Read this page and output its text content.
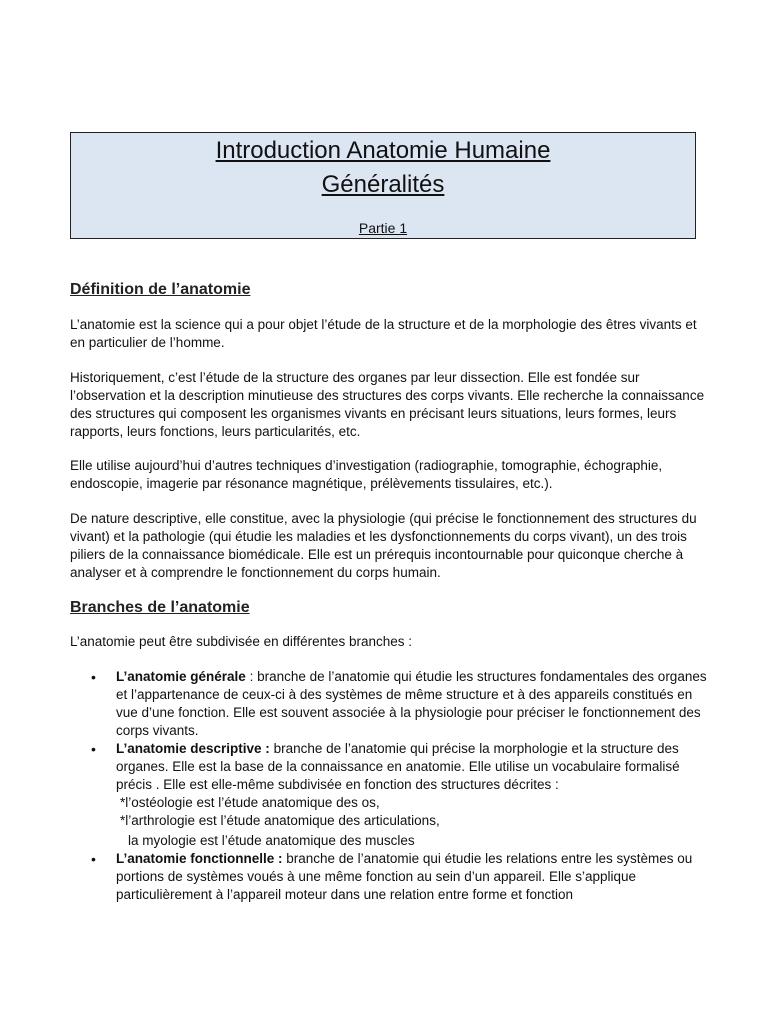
Introduction Anatomie Humaine
Généralités
Partie 1
Définition de l’anatomie

L’anatomie est la science qui a pour objet l’étude de la structure et de la morphologie des êtres vivants et en particulier de l’homme.

Historiquement, c’est l’étude de la structure des organes par leur dissection. Elle est fondée sur l’observation et la description minutieuse des structures des corps vivants. Elle recherche la connaissance des structures qui composent les organismes vivants en précisant leurs situations, leurs formes, leurs rapports, leurs fonctions, leurs particularités, etc.

Elle utilise aujourd’hui d’autres techniques d’investigation (radiographie, tomographie, échographie, endoscopie, imagerie par résonance magnétique, prélèvements tissulaires, etc.).

De nature descriptive, elle constitue, avec la physiologie (qui précise le fonctionnement des structures du vivant) et la pathologie (qui étudie les maladies et les dysfonctionnements du corps vivant), un des trois piliers de la connaissance biomédicale. Elle est un prérequis incontournable pour quiconque cherche à analyser et à comprendre le fonctionnement du corps humain.

Branches de l’anatomie

L’anatomie peut être subdivisée en différentes branches :

• L’anatomie générale : branche de l’anatomie qui étudie les structures fondamentales des organes et l’appartenance de ceux-ci à des systèmes de même structure et à des appareils constitués en vue d’une fonction. Elle est souvent associée à la physiologie pour préciser le fonctionnement des corps vivants.
• L’anatomie descriptive : branche de l’anatomie qui précise la morphologie et la structure des organes. Elle est la base de la connaissance en anatomie. Elle utilise un vocabulaire formalisé précis . Elle est elle-même subdivisée en fonction des structures décrites :
*l’ostéologie est l’étude anatomique des os,
*l’arthrologie est l’étude anatomique des articulations,
la myologie est l’étude anatomique des muscles
• L’anatomie fonctionnelle : branche de l’anatomie qui étudie les relations entre les systèmes ou portions de systèmes voués à une même fonction au sein d’un appareil. Elle s’applique particulièrement à l’appareil moteur dans une relation entre forme et fonction
